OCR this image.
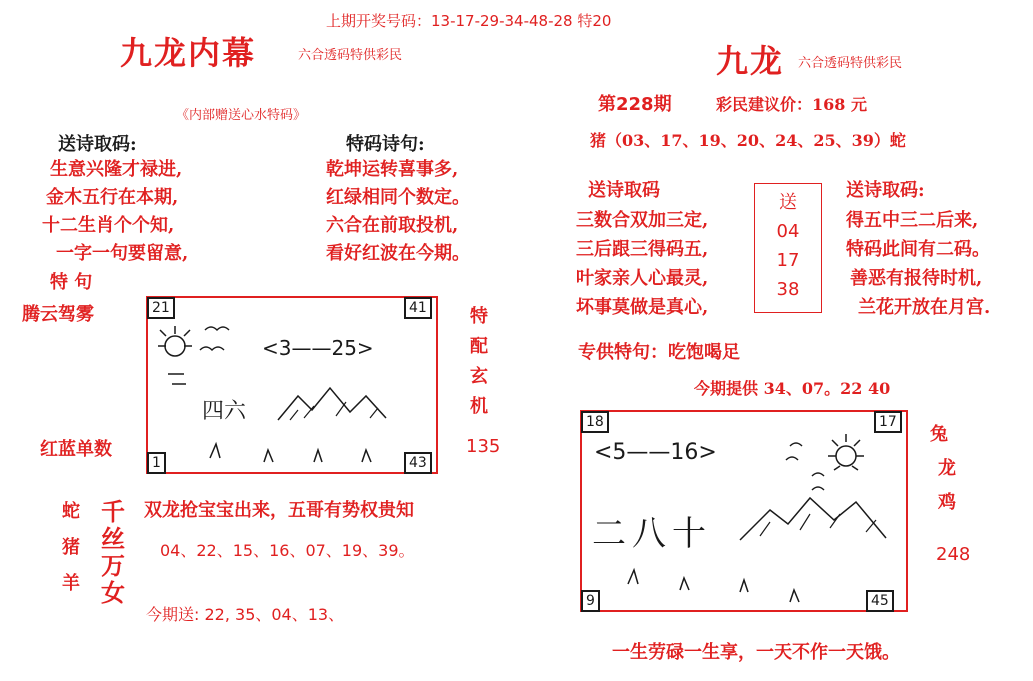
上期开奖号码：13-17-29-34-48-28 特20
九龙内幕	六合透码特供彩民
《内部赠送心水特码》
送诗取码:
生意兴隆才禄进,
金木五行在本期,
十二生肖个个知,
一字一句要留意,
特码诗句:
乾坤运转喜事多,
红绿相同个数定。
六合在前取投机,
看好红波在今期。
特 句
腾云驾雾
红蓝单数
21	41
1	43
<3——25>
四六
特
配
玄
机
135
蛇
猪
羊
千丝万女
双龙抢宝宝出来，五哥有势权贵知
04、22、15、16、07、19、39。
今期送: 22, 35、04、13、
九龙 六合透码特供彩民
第228期	彩民建议价：168 元
猪（03、17、19、20、24、25、39）蛇
送诗取码
三数合双加三定,
三后跟三得码五,
叶家亲人心最灵,
坏事莫做是真心,
送
04
17
38
送诗取码:
得五中三二后来,
特码此间有二码。
善恶有报待时机,
兰花开放在月宫.
专供特句：吃饱喝足
今期提供 34、07。22 40
18	17
9	45
<5——16>
二八十
兔
龙
鸡
248
一生劳碌一生享，一天不作一天饿。
